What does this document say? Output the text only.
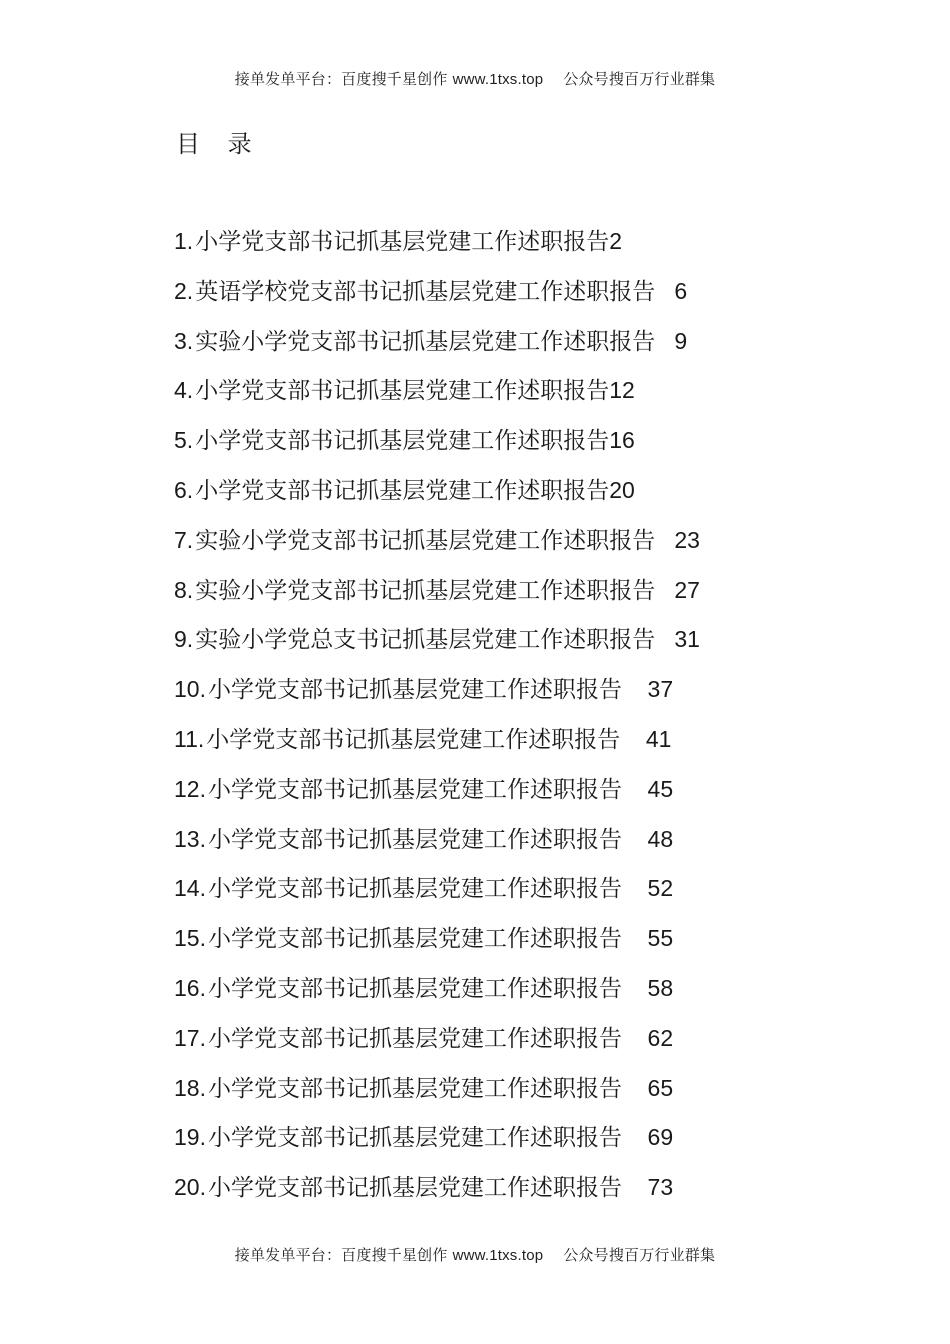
接单发单平台：百度搜千星创作 www.1txs.top    公众号搜百万行业群集
目 录
1.小学党支部书记抓基层党建工作述职报告2
2.英语学校党支部书记抓基层党建工作述职报告   6
3.实验小学党支部书记抓基层党建工作述职报告   9
4.小学党支部书记抓基层党建工作述职报告12
5.小学党支部书记抓基层党建工作述职报告16
6.小学党支部书记抓基层党建工作述职报告20
7.实验小学党支部书记抓基层党建工作述职报告   23
8.实验小学党支部书记抓基层党建工作述职报告   27
9.实验小学党总支书记抓基层党建工作述职报告   31
10.小学党支部书记抓基层党建工作述职报告    37
11.小学党支部书记抓基层党建工作述职报告    41
12.小学党支部书记抓基层党建工作述职报告    45
13.小学党支部书记抓基层党建工作述职报告    48
14.小学党支部书记抓基层党建工作述职报告    52
15.小学党支部书记抓基层党建工作述职报告    55
16.小学党支部书记抓基层党建工作述职报告    58
17.小学党支部书记抓基层党建工作述职报告    62
18.小学党支部书记抓基层党建工作述职报告    65
19.小学党支部书记抓基层党建工作述职报告    69
20.小学党支部书记抓基层党建工作述职报告    73
接单发单平台：百度搜千星创作 www.1txs.top    公众号搜百万行业群集
